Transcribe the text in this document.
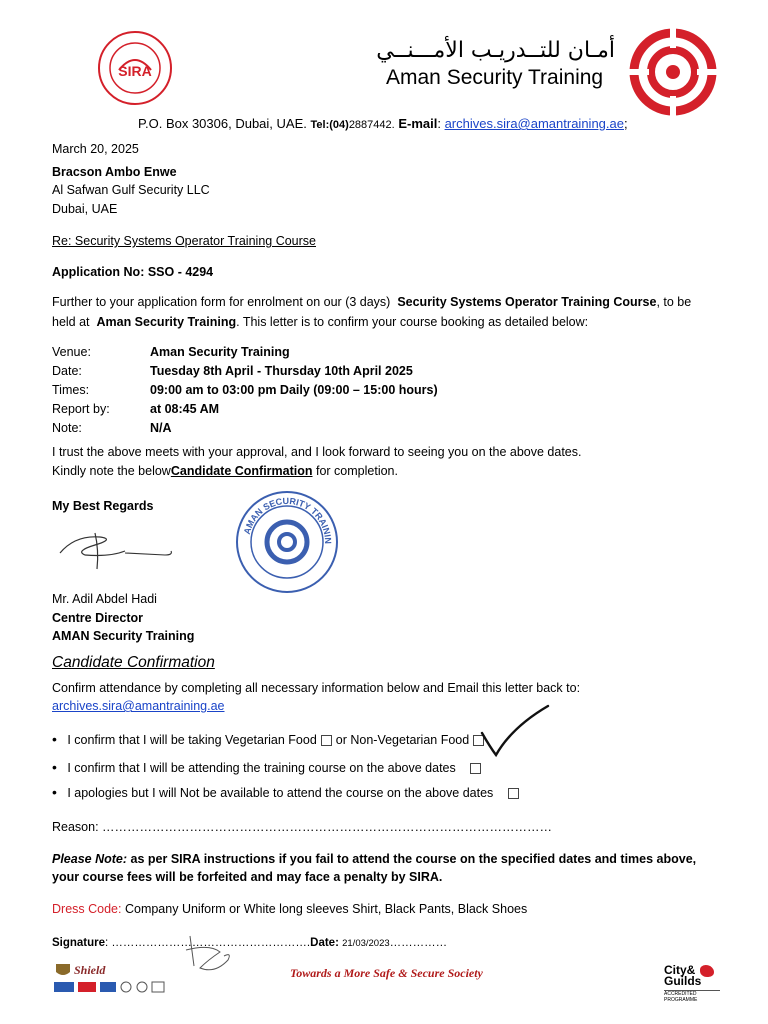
SIRA
أمـان للتــدريـب الأمـــنــي
Aman Security Training
P.O. Box 30306, Dubai, UAE. Tel:(04)2887442. E-mail: archives.sira@amantraining.ae;
March 20, 2025
Bracson Ambo Enwe
Al Safwan Gulf Security LLC
Dubai, UAE
Re: Security Systems Operator Training Course
Application No: SSO - 4294
Further to your application form for enrolment on our (3 days) Security Systems Operator Training Course, to be
held at Aman Security Training. This letter is to confirm your course booking as detailed below:
Venue:	Aman Security Training
Date:	Tuesday 8th April - Thursday 10th April 2025
Times:	09:00 am to 03:00 pm Daily (09:00 – 15:00 hours)
Report by:	at 08:45 AM
Note:	N/A
I trust the above meets with your approval, and I look forward to seeing you on the above dates.
Kindly note the belowCandidate Confirmation for completion.
My Best Regards
AMAN SECURITY TRAININ
Mr. Adil Abdel Hadi
Centre Director
AMAN Security Training
Candidate Confirmation
Confirm attendance by completing all necessary information below and Email this letter back to:
archives.sira@amantraining.ae
• I confirm that I will be taking Vegetarian Food or Non-Vegetarian Food
• I confirm that I will be attending the training course on the above dates
• I apologies but I will Not be available to attend the course on the above dates
Reason: ………………………………………………………………………………………………
Please Note: as per SIRA instructions if you fail to attend the course on the specified dates and times above,
your course fees will be forfeited and may face a penalty by SIRA.
Dress Code: Company Uniform or White long sleeves Shirt, Black Pants, Black Shoes
Signature: …………………………………………….Date: 21/03/2023……………
Shield	Towards a More Safe & Secure Society	City&
Guilds
ACCREDITED
PROGRAMME
